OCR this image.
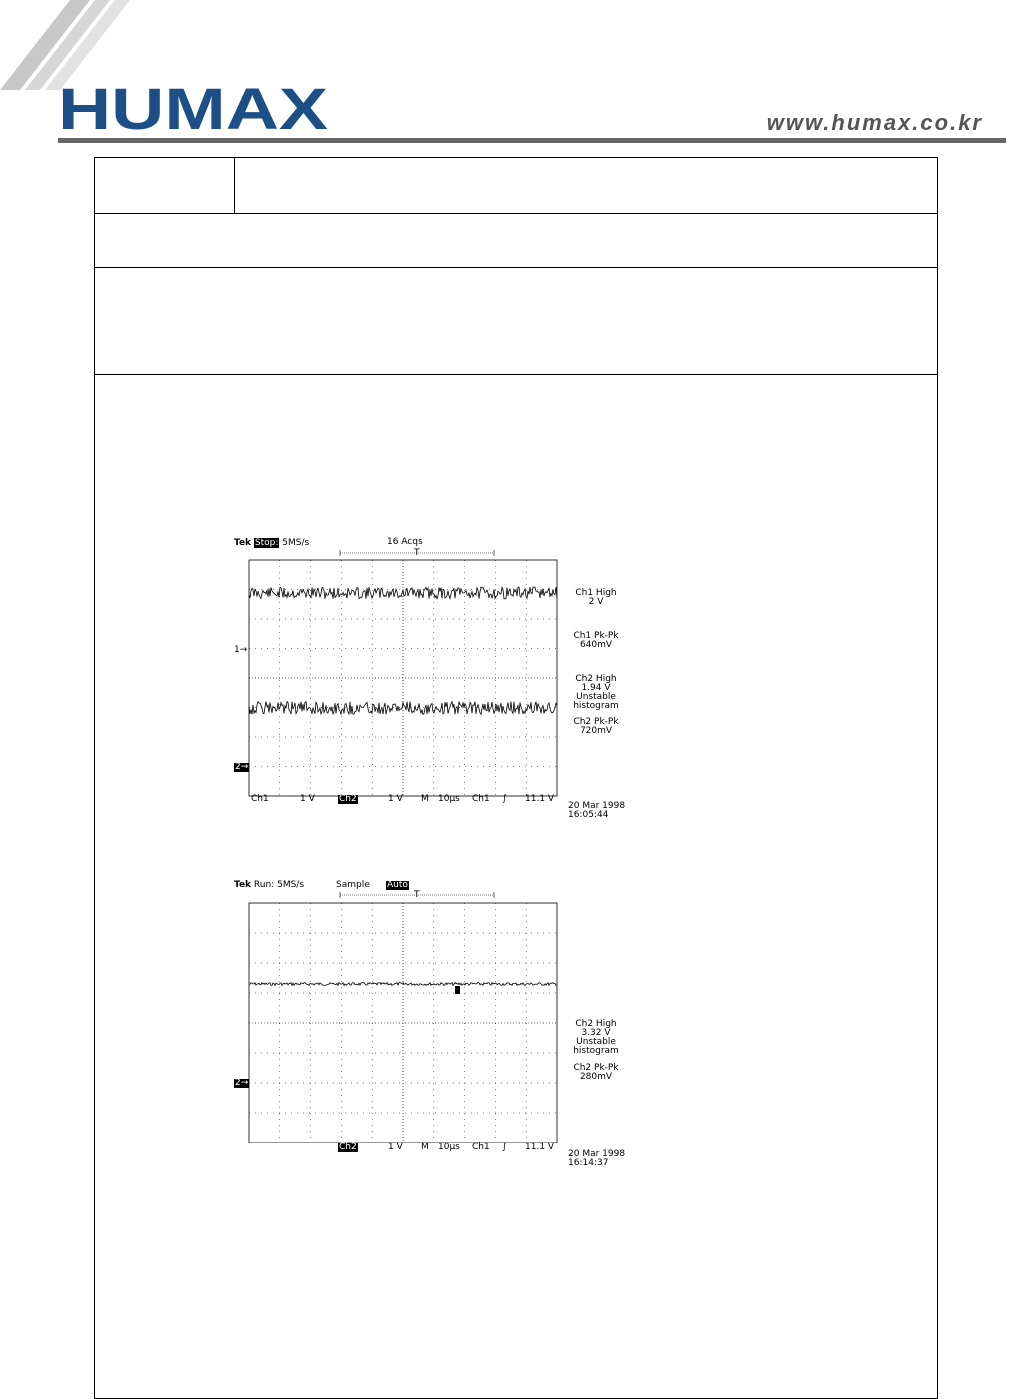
HUMAX	www.humax.co.kr
Tek Stop: 5MS/s	16 Acqs
T
1→
2→
Ch1 High
2 V
Ch1 Pk-Pk
640mV
Ch2 High
1.94 V
Unstable
histogram
Ch2 Pk-Pk
720mV
Ch1	1 V	Ch2	1 V M 10µs Ch1 ∫ 11.1 V
20 Mar 1998
16:05:44
Tek Run: 5MS/s	Sample Auto
T
2→
Ch2 High
3.32 V
Unstable
histogram
Ch2 Pk-Pk
280mV
Ch2	1 V M 10µs Ch1 ∫ 11.1 V
20 Mar 1998
16:14:37
